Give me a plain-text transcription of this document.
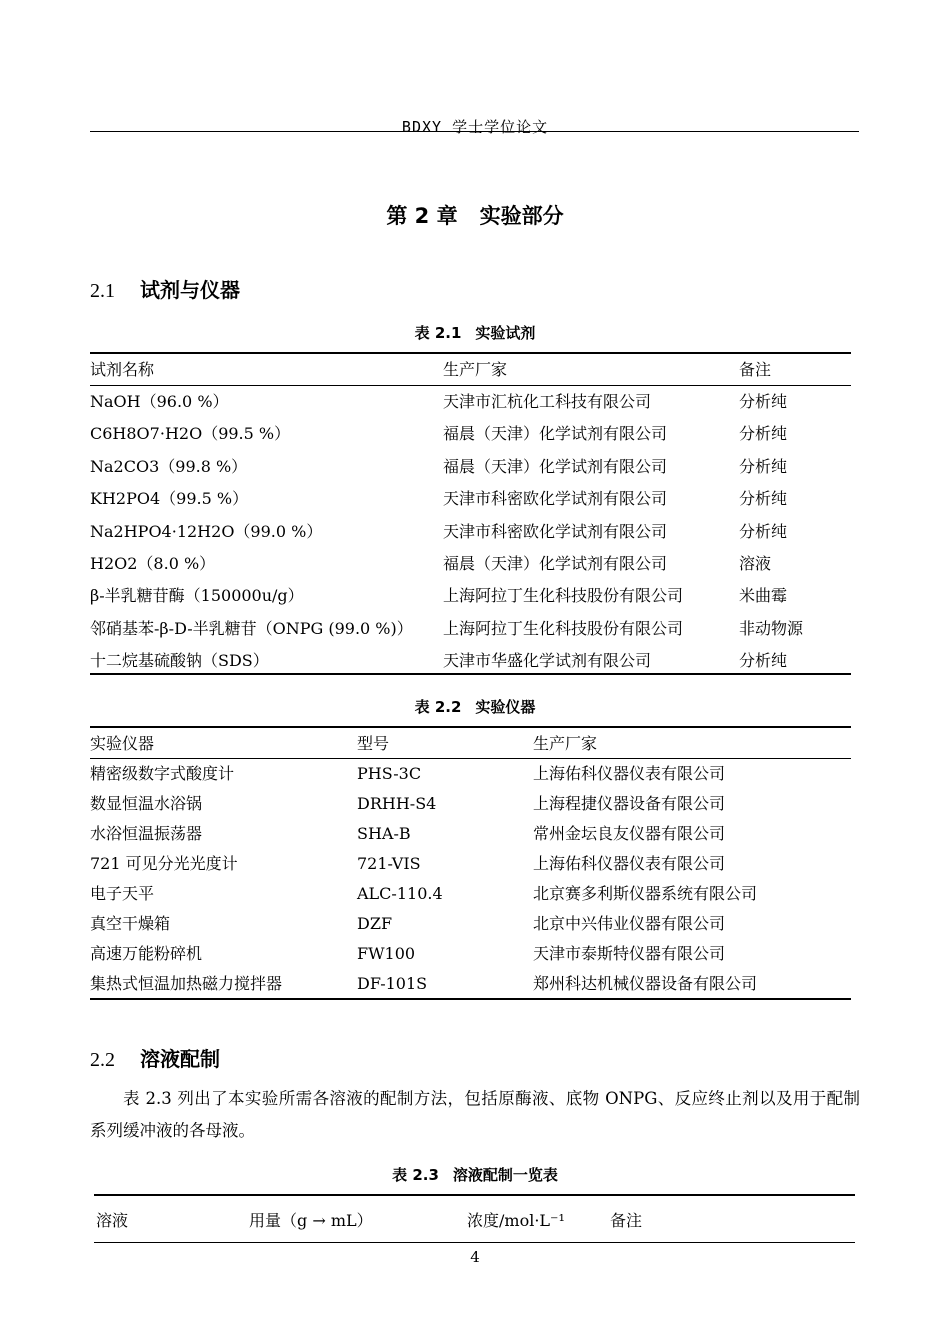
BDXY 学士学位论文
第 2 章 实验部分
2.1 试剂与仪器
表 2.1 实验试剂
试剂名称	生产厂家	备注
NaOH（96.0 %）	天津市汇杭化工科技有限公司	分析纯
C6H8O7·H2O（99.5 %）	福晨（天津）化学试剂有限公司	分析纯
Na2CO3（99.8 %）	福晨（天津）化学试剂有限公司	分析纯
KH2PO4（99.5 %）	天津市科密欧化学试剂有限公司	分析纯
Na2HPO4·12H2O（99.0 %）	天津市科密欧化学试剂有限公司	分析纯
H2O2（8.0 %）	福晨（天津）化学试剂有限公司	溶液
β-半乳糖苷酶（150000u/g）	上海阿拉丁生化科技股份有限公司	米曲霉
邻硝基苯-β-D-半乳糖苷（ONPG (99.0 %)） 上海阿拉丁生化科技股份有限公司	非动物源
十二烷基硫酸钠（SDS）	天津市华盛化学试剂有限公司	分析纯
表 2.2 实验仪器
实验仪器	型号	生产厂家
精密级数字式酸度计	PHS-3C	上海佑科仪器仪表有限公司
数显恒温水浴锅	DRHH-S4	上海程捷仪器设备有限公司
水浴恒温振荡器	SHA-B	常州金坛良友仪器有限公司
721 可见分光光度计	721-VIS	上海佑科仪器仪表有限公司
电子天平	ALC-110.4	北京赛多利斯仪器系统有限公司
真空干燥箱	DZF	北京中兴伟业仪器有限公司
高速万能粉碎机	FW100	天津市泰斯特仪器有限公司
集热式恒温加热磁力搅拌器	DF-101S	郑州科达机械仪器设备有限公司
2.2 溶液配制
表 2.3 列出了本实验所需各溶液的配制方法，包括原酶液、底物 ONPG、反应终止剂以及用于配制系列缓冲液的各母液。
表 2.3 溶液配制一览表
溶液	用量（g → mL）	浓度/mol·L⁻¹	备注
4
